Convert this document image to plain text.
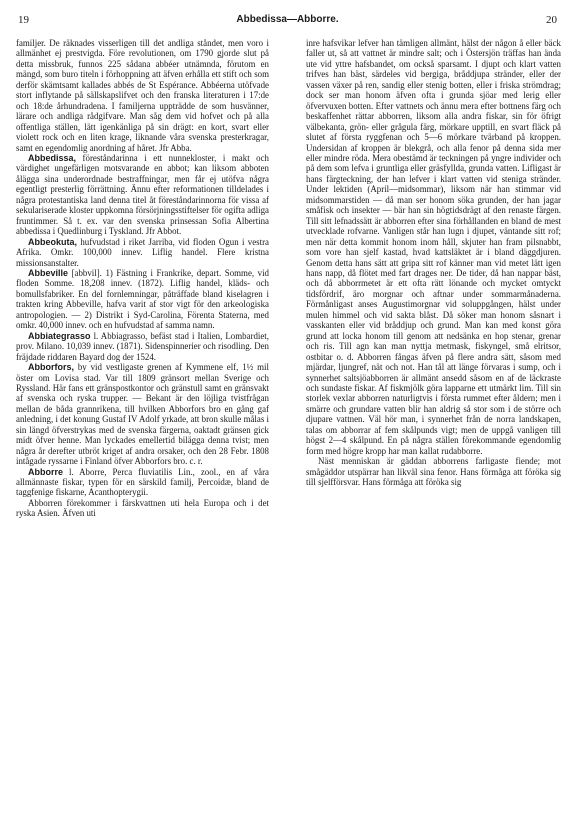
19	Abbedissa—Abborre.	20

familjer. De räknades visserligen till det andliga ståndet, men voro i allmänhet ej prestvigda. Före revolutionen, om 1790 gjorde slut på detta missbruk, funnos 225 sådana abbéer utnämnda, förutom en mängd, som buro titeln i förhoppning att äfven erhålla ett stift och som derför skämtsamt kallades abbés de St Espérance. Abbéerna utöfvade stort inflytande på sällskapslifvet och den franska literaturen i 17:de och 18:de århundradena. I familjerna uppträdde de som husvänner, lärare och andliga rådgifvare. Man såg dem vid hofvet och på alla offentliga ställen, lätt igenkänliga på sin drägt: en kort, svart eller violett rock och en liten krage, liknande våra svenska presterkragar, samt en egendomlig anordning af håret. Jfr Abba.

Abbedissa, föreståndarinna i ett nunnekloster, i makt och värdighet ungefärligen motsvarande en abbot; kan liksom abboten ålägga sina underordnade bestraffningar, men får ej utöfva några egentligt presterlig förrättning. Ännu efter reformationen tilldelades i några protestantiska land denna titel åt föreståndarinnorna för vissa af sekulariserade kloster uppkomna försörjningsstiftelser för ogifta adliga fruntimmer. Så t. ex. var den svenska prinsessan Sofia Albertina abbedissa i Quedlinburg i Tyskland. Jfr Abbot.

Abbeokuta, hufvudstad i riket Jarriba, vid floden Ogun i vestra Afrika. Omkr. 100,000 innev. Liflig handel. Flere kristna missionsanstalter.

Abbeville [abbvil]. 1) Fästning i Frankrike, depart. Somme, vid floden Somme. 18,208 innev. (1872). Liflig handel, kläds- och bomullsfabriker. En del fornlemningar, påträffade bland kiselagren i trakten kring Abbeville, hafva varit af stor vigt för den arkeologiska antropologien. — 2) Distrikt i Syd-Carolina, Förenta Staterna, med omkr. 40,000 innev. och en hufvudstad af samma namn.

Abbiategrasso l. Abbiagrasso, befäst stad i Italien, Lombardiet, prov. Milano. 10,039 innev. (1871). Sidenspinnerier och risodling. Den fräjdade riddaren Bayard dog der 1524.

Abborfors, by vid vestligaste grenen af Kymmene elf, 1½ mil öster om Lovisa stad. Var till 1809 gränsort mellan Sverige och Ryssland. Här fans ett gränspostkontor och gränstull samt en gränsvakt af svenska och ryska trupper. — Bekant är den löjliga tvistfrågan mellan de båda grannrikena, till hvilken Abborfors bro en gång gaf anledning, i det konung Gustaf IV Adolf yrkade, att bron skulle målas i sin längd öfverstrykas med de svenska färgerna, oaktadt gränsen gick midt öfver henne. Man lyckades emellertid bilägga denna tvist; men några år derefter utbröt kriget af andra orsaker, och den 28 Febr. 1808 intågade ryssarne i Finland öfver Abborfors bro. c. r.

Abborre l. Aborre, Perca fluviatilis Lin., zool., en af våra allmännaste fiskar, typen för en särskild familj, Percoidæ, bland de taggfenige fiskarne, Acanthopterygii.

Abborren förekommer i färskvattnen uti hela Europa och i det ryska Asien. Äfven uti

inre hafsvikar lefver han tämligen allmänt, hälst der någon å eller bäck faller ut, så att vattnet är mindre salt; och i Östersjön träffas han ända ute vid yttre hafsbandet, om också sparsamt. I djupt och klart vatten trifves han bäst, särdeles vid bergiga, bråddjupa stränder, eller der vassen växer på ren, sandig eller stenig botten, eller i friska strömdrag; dock ser man honom äfven ofta i grunda sjöar med lerig eller öfvervuxen botten. Efter vattnets och ännu mera efter bottnens färg och beskaffenhet rättar abborren, liksom alla andra fiskar, sin för öfrigt välbekanta, grön- eller grågula färg, mörkare upptill, en svart fläck på slutet af första ryggfenan och 5—6 mörkare tvärband på kroppen. Undersidan af kroppen är blekgrå, och alla fenor på denna sida mer eller mindre röda. Mera obestämd är teckningen på yngre individer och på dem som lefva i gruntliga eller gräsfyllda, grunda vatten. Lifligast är hans färgteckning, der han lefver i klart vatten vid steniga stränder. Under lektiden (April—midsommar), liksom när han stimmar vid midsommarstiden — då man ser honom söka grunden, der han jagar småfisk och insekter — bär han sin högtidsdrägt af den renaste färgen. Till sitt lefnadssätt är abborren efter sina förhållanden en bland de mest utvecklade rofvarne. Vanligen står han lugn i djupet, väntande sitt rof; men när detta kommit honom inom håll, skjuter han fram pilsnabbt, som vore han sjelf kastad, hvad kattsläktet är i bland däggdjuren. Genom detta hans sätt att gripa sitt rof känner man vid metet lätt igen hans napp, då flötet med fart drages ner. De tider, då han nappar bäst, och då abborrmetet är ett ofta rätt lönande och mycket omtyckt tidsfördrif, äro morgnar och aftnar under sommarmånaderna. Förmånligast anses Augustimorgnar vid soluppgången, hälst under mulen himmel och vid sakta blåst. Då söker man honom såsnart i vasskanten eller vid bråddjup och grund. Man kan med konst göra grund att locka honom till genom att nedsänka en hop stenar, grenar och ris. Till agn kan man nyttja metmask, fiskyngel, små elritsor, ostbitar o. d. Abborren fångas äfven på flere andra sätt, såsom med mjärdar, ljungref, nät och not. Han tål att länge förvaras i sump, och i synnerhet saltsjöabborren är allmänt ansedd såsom en af de läckraste och sundaste fiskar. Af fiskmjölk göra lapparne ett utmärkt lim. Till sin storlek vexlar abborren naturligtvis i första rummet efter åldern; men i smärre och grundare vatten blir han aldrig så stor som i de större och djupare vattnen. Väl hör man, i synnerhet från de norra landskapen, talas om abborrar af fem skålpunds vigt; men de uppgå vanligen till högst 2—4 skålpund. En på några ställen förekommande egendomlig form med högre kropp har man kallat rudabborre.

Näst menniskan är gäddan abborrens farligaste fiende; mot smågäddor utspärrar han likväl sina fenor. Hans förmåga att föröka sig till sjelfförsvar. Hans förmåga att föröka sig
